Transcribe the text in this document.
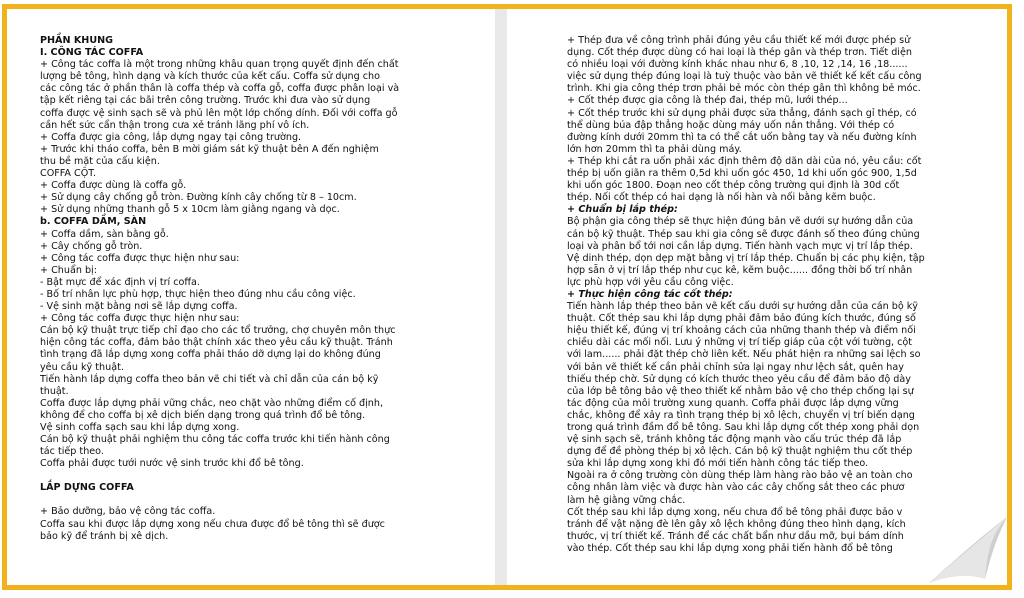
PHẦN KHUNG
I. CÔNG TÁC COFFA
+ Công tác coffa là một trong những khâu quan trọng quyết định đến chất
lượng bê tông, hình dạng và kích thước của kết cấu. Coffa sử dụng cho
các công tác ở phần thân là coffa thép và coffa gỗ, coffa được phân loại và
tập kết riêng tại các bãi trên công trường. Trước khi đưa vào sử dụng
coffa được vệ sinh sạch sẽ và phủ lên một lớp chống dính. Đối với coffa gỗ
cần hết sức cẩn thận trong cưa xẻ tránh lãng phí vô ích.
+ Coffa được gia công, lắp dựng ngay tại công trường.
+ Trước khi tháo coffa, bên B mời giám sát kỹ thuật bên A đến nghiệm
thu bề mặt của cấu kiện.
COFFA CỘT.
+ Coffa được dùng là coffa gỗ.
+ Sử dụng cây chống gỗ tròn. Đường kính cây chống từ 8 – 10cm.
+ Sử dụng những thanh gỗ 5 x 10cm làm giằng ngang và dọc.
b. COFFA DẦM, SÀN
+ Coffa dầm, sàn bằng gỗ.
+ Cây chống gỗ tròn.
+ Công tác coffa được thực hiện như sau:
+ Chuẩn bị:
- Bật mực để xác định vị trí coffa.
- Bố trí nhân lực phù hợp, thực hiện theo đúng nhu cầu công việc.
- Vệ sinh mặt bằng nơi sẽ lắp dựng coffa.
+ Công tác coffa được thực hiện như sau:
Cán bộ kỹ thuật trực tiếp chỉ đạo cho các tổ trưởng, chợ chuyên môn thực
hiện công tác coffa, đảm bảo thật chính xác theo yêu cầu kỹ thuật. Tránh
tình trạng đã lắp dựng xong coffa phải tháo dỡ dựng lại do không đúng
yêu cầu kỹ thuật.
Tiến hành lắp dựng coffa theo bản vẽ chi tiết và chỉ dẫn của cán bộ kỹ
thuật.
Coffa được lắp dựng phải vững chắc, neo chặt vào những điểm cố định,
không để cho coffa bị xê dịch biến dạng trong quá trình đổ bê tông.
Vệ sinh coffa sạch sau khi lắp dựng xong.
Cán bộ kỹ thuật phải nghiệm thu công tác coffa trước khi tiến hành công
tác tiếp theo.
Coffa phải được tưới nước vệ sinh trước khi đổ bê tông.
LẮP DỰNG COFFA
+ Bảo dưỡng, bảo vệ công tác coffa.
Coffa sau khi được lắp dựng xong nếu chưa được đổ bê tông thì sẽ được
bảo kỹ để tránh bị xê dịch.
+ Thép đưa về công trình phải đúng yêu cầu thiết kế mới được phép sử
dụng. Cốt thép được dùng có hai loại là thép gân và thép trơn. Tiết diện
có nhiều loại với đường kính khác nhau như 6, 8 ,10, 12 ,14, 16 ,18......
việc sử dụng thép đúng loại là tuỳ thuộc vào bản vẽ thiết kế kết cấu công
trình. Khi gia công thép trơn phải bẻ móc còn thép gân thì không bẻ móc.
+ Cốt thép được gia công là thép đai, thép mũ, lưới thép...
+ Cốt thép trước khi sử dụng phải được sửa thẳng, đánh sạch gỉ thép, có
thể dùng búa đập thẳng hoặc dùng máy uốn nắn thẳng. Với thép có
đường kính dưới 20mm thì ta có thể cắt uốn bằng tay và nếu đường kính
lớn hơn 20mm thì ta phải dùng máy.
+ Thép khi cắt ra uốn phải xác định thêm độ dãn dài của nó, yêu cầu: cốt
thép bị uốn giãn ra thêm 0,5d khi uốn góc 450, 1d khi uốn góc 900, 1,5d
khi uốn góc 1800. Đoạn neo cốt thép công trường qui định là 30d cốt
thép. Nối cốt thép có hai dạng là nối hàn và nối bằng kẽm buộc.
+ Chuẩn bị lắp thép:
Bộ phận gia công thép sẽ thực hiện đúng bản vẽ dưới sự hướng dẫn của
cán bộ kỹ thuật. Thép sau khi gia công sẽ được đánh số theo đúng chủng
loại và phân bổ tới nơi cần lắp dựng. Tiến hành vạch mực vị trí lắp thép.
Vệ dinh thép, dọn dẹp mặt bằng vị trí lắp thép. Chuẩn bị các phụ kiện, tập
hợp sẵn ở vị trí lắp thép như cục kê, kẽm buộc...... đồng thời bố trí nhân
lực phù hợp với yêu cầu công việc.
+ Thực hiện công tác cốt thép:
Tiến hành lắp thép theo bản vẽ kết cấu dưới sự hướng dẫn của cán bộ kỹ
thuật. Cốt thép sau khi lắp dựng phải đảm bảo đúng kích thước, đúng số
hiệu thiết kế, đúng vị trí khoảng cách của những thanh thép và điểm nối
chiều dài các mối nối. Lưu ý những vị trí tiếp giáp của cột với tường, cột
với lam...... phải đặt thép chờ liên kết. Nếu phát hiện ra những sai lệch so
với bản vẽ thiết kế cần phải chỉnh sửa lại ngay như lệch sắt, quên hay
thiếu thép chờ. Sử dụng có kích thước theo yêu cầu để đảm bảo độ dày
của lớp bê tông bảo vệ theo thiết kế nhằm bảo vệ cho thép chống lại sự
tác động của môi trường xung quanh. Coffa phải được lắp dựng vững
chắc, không để xảy ra tình trạng thép bị xô lệch, chuyển vị trí biến dạng
trong quá trình đầm đổ bê tông. Sau khi lắp dựng cốt thép xong phải dọn
vệ sinh sạch sẽ, tránh không tác động mạnh vào cấu trúc thép đã lắp
dựng để đề phòng thép bị xô lệch. Cán bộ kỹ thuật nghiệm thu cốt thép
sửa khi lắp dựng xong khi đó mới tiến hành công tác tiếp theo.
Ngoài ra ở công trường còn dùng thép làm hàng rào bảo vệ an toàn cho
công nhân làm việc và được hàn vào các cây chống sắt theo các phươ
làm hệ giằng vững chắc.
Cốt thép sau khi lắp dựng xong, nếu chưa đổ bê tông phải được bảo v
tránh để vật nặng đè lên gây xô lệch không đúng theo hình dạng, kích
thước, vị trí thiết kế. Tránh để các chất bẩn như dầu mỡ, bụi bám dính
vào thép. Cốt thép sau khi lắp dựng xong phải tiến hành đổ bê tông
